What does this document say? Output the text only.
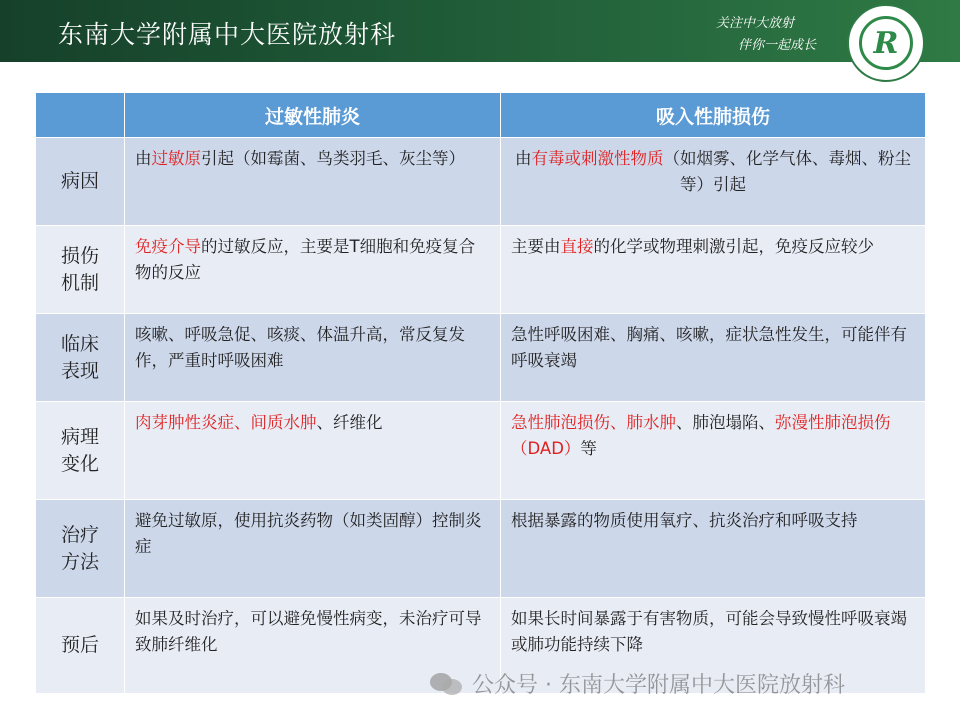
东南大学附属中大医院放射科	关注中大放射
伴你一起成长	R
	过敏性肺炎	吸入性肺损伤
病因	由过敏原引起（如霉菌、鸟类羽毛、灰尘等）	由有毒或刺激性物质（如烟雾、化学气体、毒烟、粉尘等）引起
损伤
机制	免疫介导的过敏反应，主要是T细胞和免疫复合物的反应	主要由直接的化学或物理刺激引起，免疫反应较少
临床
表现	咳嗽、呼吸急促、咳痰、体温升高，常反复发作，严重时呼吸困难	急性呼吸困难、胸痛、咳嗽，症状急性发生，可能伴有呼吸衰竭
病理
变化	肉芽肿性炎症、间质水肿、纤维化	急性肺泡损伤、肺水肿、肺泡塌陷、弥漫性肺泡损伤（DAD）等
治疗
方法	避免过敏原，使用抗炎药物（如类固醇）控制炎症	根据暴露的物质使用氧疗、抗炎治疗和呼吸支持
预后	如果及时治疗，可以避免慢性病变，未治疗可导致肺纤维化	如果长时间暴露于有害物质，可能会导致慢性呼吸衰竭或肺功能持续下降
公众号 · 东南大学附属中大医院放射科
